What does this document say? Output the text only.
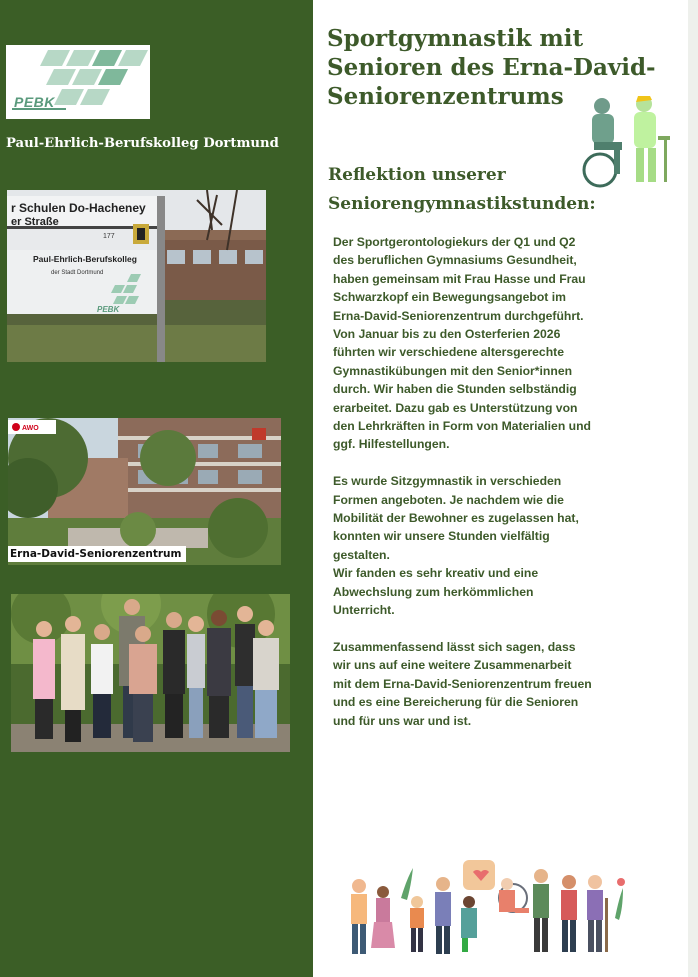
PEBK
Paul-Ehrlich-Berufskolleg Dortmund
r Schulen Do-Hacheney
er Straße
177
Paul-Ehrlich-Berufskolleg
der Stadt Dortmund
PEBK
AWO
Erna-David-Seniorenzentrum
Sportgymnastik mit
Senioren des Erna-David-
Seniorenzentrums
Reflektion unserer
Seniorengymnastikstunden:

Der Sportgerontologiekurs der Q1 und Q2
des beruflichen Gymnasiums Gesundheit,
haben gemeinsam mit Frau Hasse und Frau
Schwarzkopf ein Bewegungsangebot im
Erna-David-Seniorenzentrum durchgeführt.
Von Januar bis zu den Osterferien 2026
führten wir verschiedene altersgerechte
Gymnastikübungen mit den Senior*innen
durch. Wir haben die Stunden selbständig
erarbeitet. Dazu gab es Unterstützung von
den Lehrkräften in Form von Materialien und
ggf. Hilfestellungen.

Es wurde Sitzgymnastik in verschieden
Formen angeboten. Je nachdem wie die
Mobilität der Bewohner es zugelassen hat,
konnten wir unsere Stunden vielfältig
gestalten.
Wir fanden es sehr kreativ und eine
Abwechslung zum herkömmlichen
Unterricht.

Zusammenfassend lässt sich sagen, dass
wir uns auf eine weitere Zusammenarbeit
mit dem Erna-David-Seniorenzentrum freuen
und es eine Bereicherung für die Senioren
und für uns war und ist.
